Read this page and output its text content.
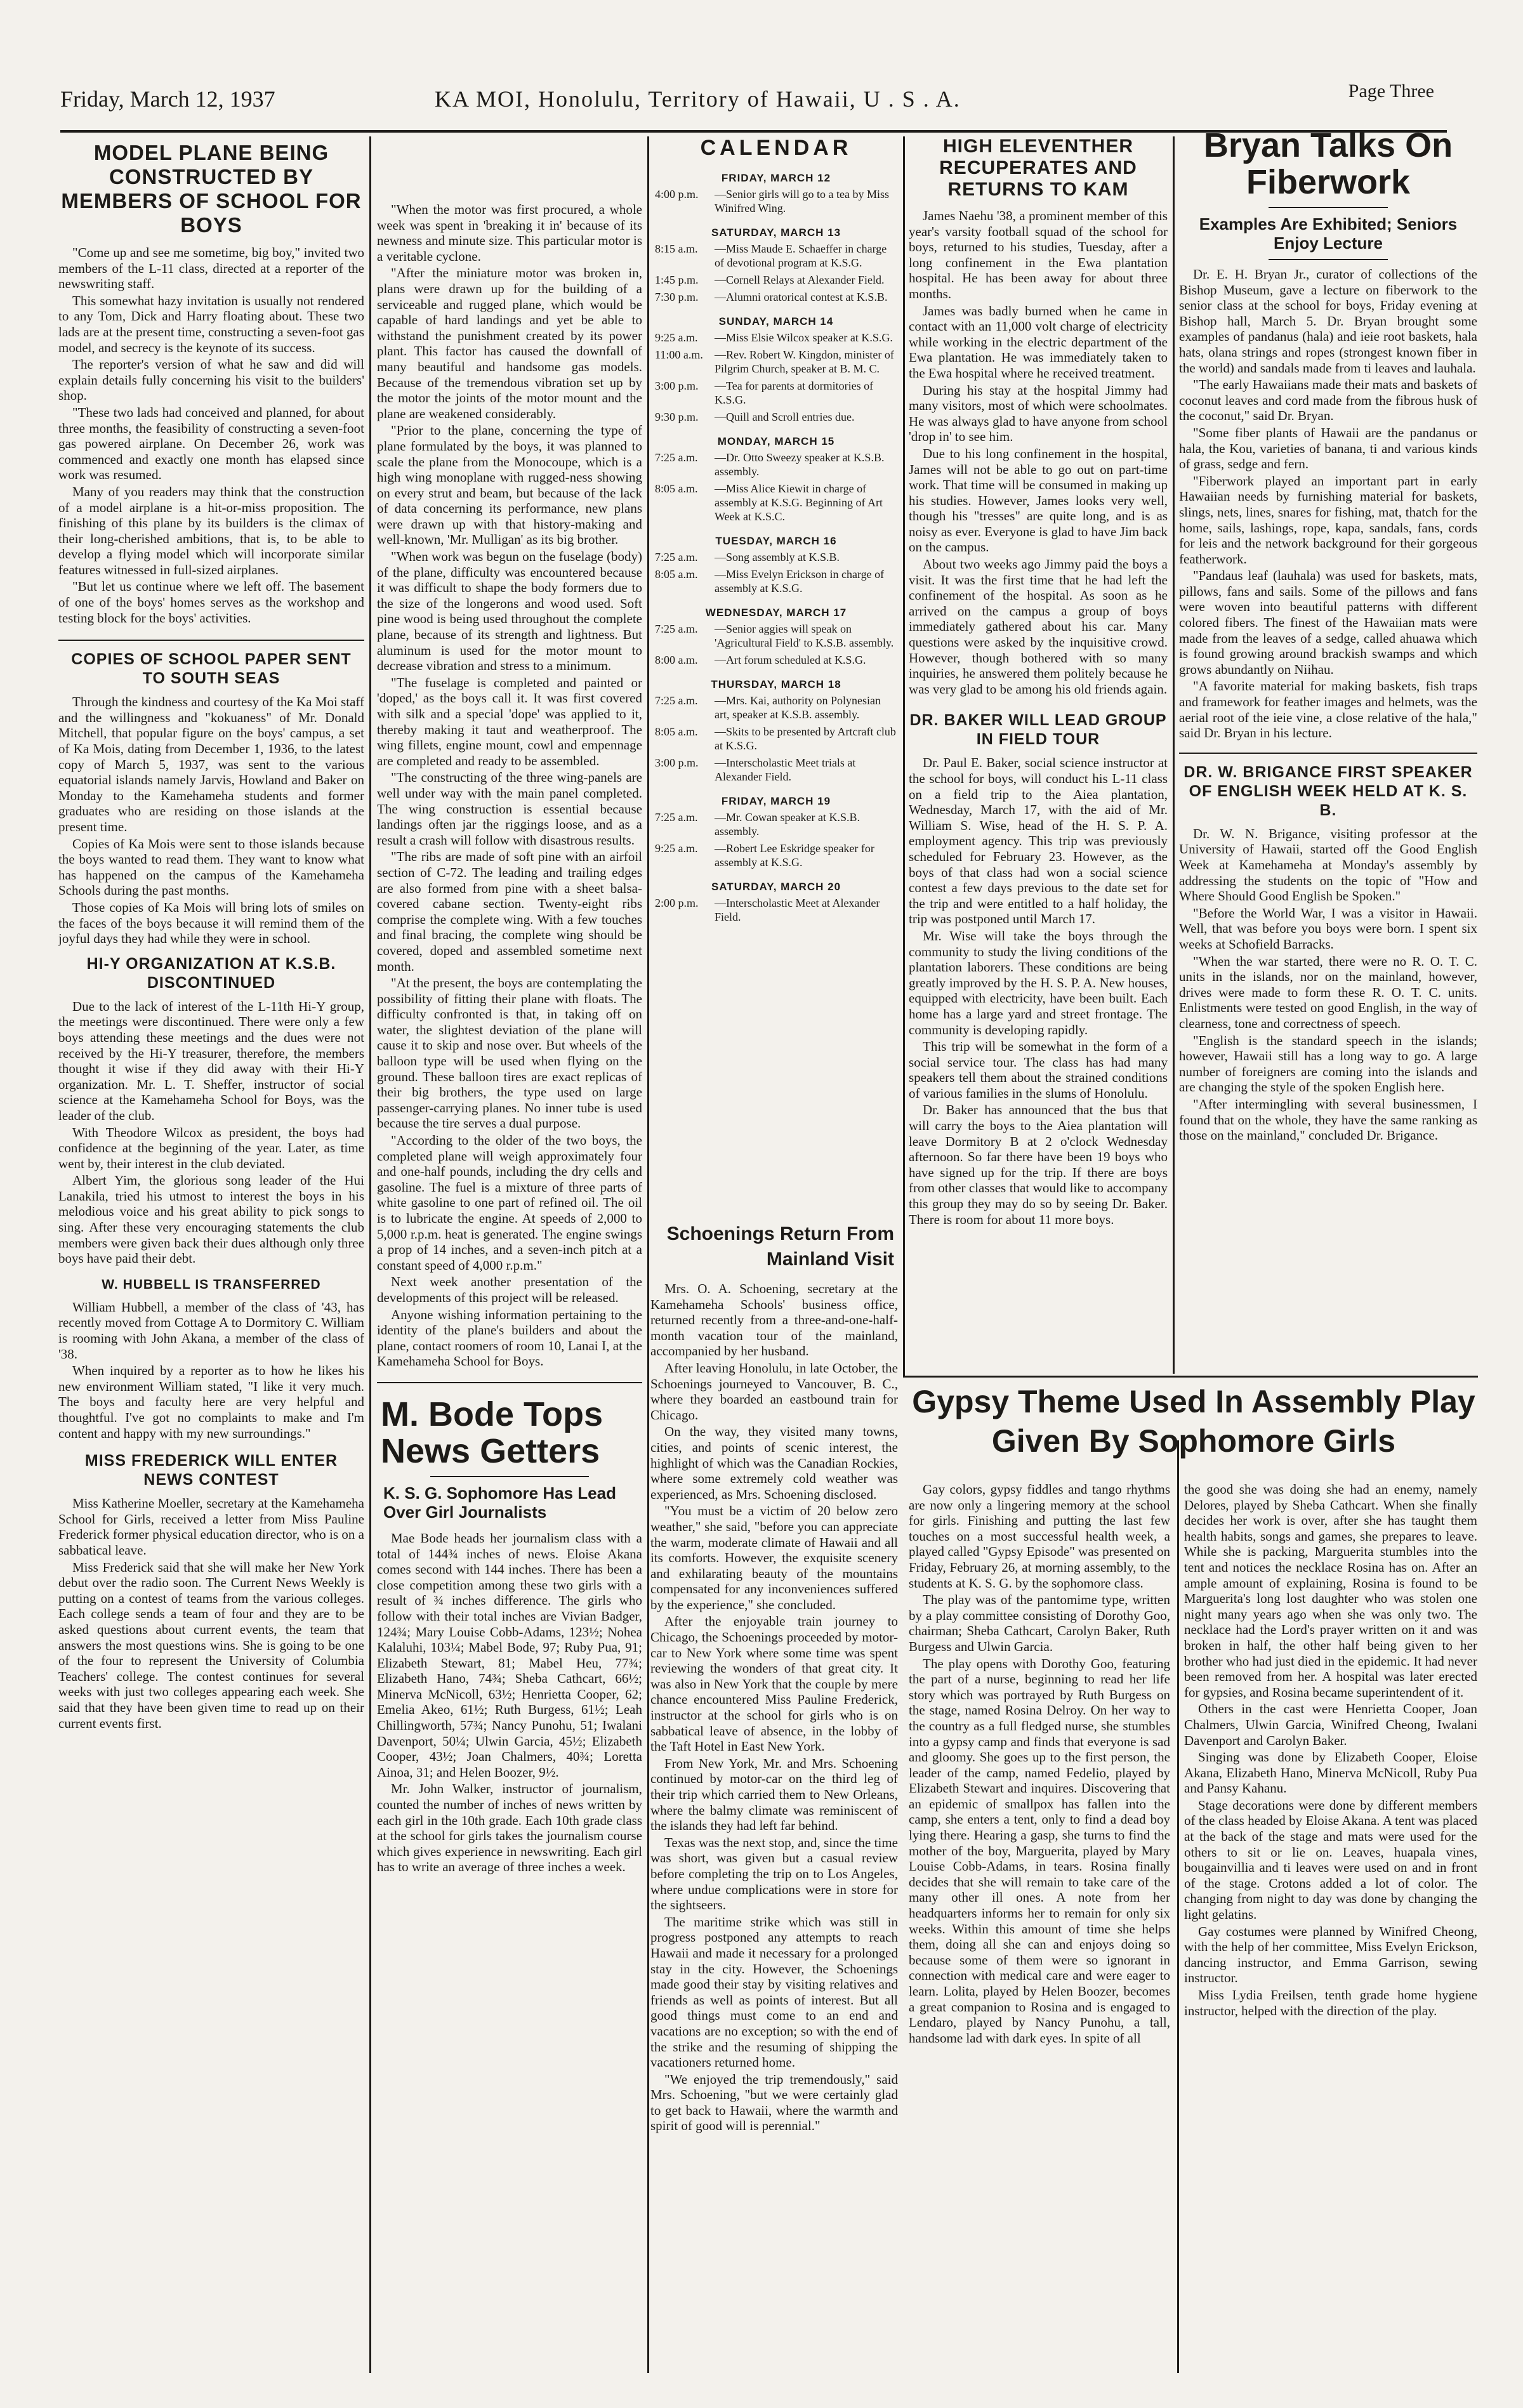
Friday, March 12, 1937	KA MOI, Honolulu, Territory of Hawaii, U . S . A.	Page Three
MODEL PLANE BEING CONSTRUCTED BY MEMBERS OF SCHOOL FOR BOYS

"Come up and see me sometime, big boy," invited two members of the L-11 class, directed at a reporter of the newswriting staff.

This somewhat hazy invitation is usually not rendered to any Tom, Dick and Harry floating about. These two lads are at the present time, constructing a seven-foot gas model, and secrecy is the keynote of its success.

The reporter's version of what he saw and did will explain details fully concerning his visit to the builders' shop.

"These two lads had conceived and planned, for about three months, the feasibility of constructing a seven-foot gas powered airplane. On December 26, work was commenced and exactly one month has elapsed since work was resumed.

Many of you readers may think that the construction of a model airplane is a hit-or-miss proposition. The finishing of this plane by its builders is the climax of their long-cherished ambitions, that is, to be able to develop a flying model which will incorporate similar features witnessed in full-sized airplanes.

"But let us continue where we left off. The basement of one of the boys' homes serves as the workshop and testing block for the boys' activities.

COPIES OF SCHOOL PAPER SENT TO SOUTH SEAS

Through the kindness and courtesy of the Ka Moi staff and the willingness and "kokuaness" of Mr. Donald Mitchell, that popular figure on the boys' campus, a set of Ka Mois, dating from December 1, 1936, to the latest copy of March 5, 1937, was sent to the various equatorial islands namely Jarvis, Howland and Baker on Monday to the Kamehameha students and former graduates who are residing on those islands at the present time.

Copies of Ka Mois were sent to those islands because the boys wanted to read them. They want to know what has happened on the campus of the Kamehameha Schools during the past months.

Those copies of Ka Mois will bring lots of smiles on the faces of the boys because it will remind them of the joyful days they had while they were in school.

HI-Y ORGANIZATION AT K.S.B. DISCONTINUED

Due to the lack of interest of the L-11th Hi-Y group, the meetings were discontinued. There were only a few boys attending these meetings and the dues were not received by the Hi-Y treasurer, therefore, the members thought it wise if they did away with their Hi-Y organization. Mr. L. T. Sheffer, instructor of social science at the Kamehameha School for Boys, was the leader of the club.

With Theodore Wilcox as president, the boys had confidence at the beginning of the year. Later, as time went by, their interest in the club deviated.

Albert Yim, the glorious song leader of the Hui Lanakila, tried his utmost to interest the boys in his melodious voice and his great ability to pick songs to sing. After these very encouraging statements the club members were given back their dues although only three boys have paid their debt.

W. HUBBELL IS TRANSFERRED

William Hubbell, a member of the class of '43, has recently moved from Cottage A to Dormitory C. William is rooming with John Akana, a member of the class of '38.

When inquired by a reporter as to how he likes his new environment William stated, "I like it very much. The boys and faculty here are very helpful and thoughtful. I've got no complaints to make and I'm content and happy with my new surroundings."

MISS FREDERICK WILL ENTER NEWS CONTEST

Miss Katherine Moeller, secretary at the Kamehameha School for Girls, received a letter from Miss Pauline Frederick former physical education director, who is on a sabbatical leave.

Miss Frederick said that she will make her New York debut over the radio soon. The Current News Weekly is putting on a contest of teams from the various colleges. Each college sends a team of four and they are to be asked questions about current events, the team that answers the most questions wins. She is going to be one of the four to represent the University of Columbia Teachers' college. The contest continues for several weeks with just two colleges appearing each week. She said that they have been given time to read up on their current events first.

"When the motor was first procured, a whole week was spent in 'breaking it in' because of its newness and minute size. This particular motor is a veritable cyclone.

"After the miniature motor was broken in, plans were drawn up for the building of a serviceable and rugged plane, which would be capable of hard landings and yet be able to withstand the punishment created by its power plant. This factor has caused the downfall of many beautiful and handsome gas models. Because of the tremendous vibration set up by the motor the joints of the motor mount and the plane are weakened considerably.

"Prior to the plane, concerning the type of plane formulated by the boys, it was planned to scale the plane from the Monocoupe, which is a high wing monoplane with rugged-ness showing on every strut and beam, but because of the lack of data concerning its performance, new plans were drawn up with that history-making and well-known, 'Mr. Mulligan' as its big brother.

"When work was begun on the fuselage (body) of the plane, difficulty was encountered because it was difficult to shape the body formers due to the size of the longerons and wood used. Soft pine wood is being used throughout the complete plane, because of its strength and lightness. But aluminum is used for the motor mount to decrease vibration and stress to a minimum.

"The fuselage is completed and painted or 'doped,' as the boys call it. It was first covered with silk and a special 'dope' was applied to it, thereby making it taut and weatherproof. The wing fillets, engine mount, cowl and empennage are completed and ready to be assembled.

"The constructing of the three wing-panels are well under way with the main panel completed. The wing construction is essential because landings often jar the riggings loose, and as a result a crash will follow with disastrous results.

"The ribs are made of soft pine with an airfoil section of C-72. The leading and trailing edges are also formed from pine with a sheet balsa-covered cabane section. Twenty-eight ribs comprise the complete wing. With a few touches and final bracing, the complete wing should be covered, doped and assembled sometime next month.

"At the present, the boys are contemplating the possibility of fitting their plane with floats. The difficulty confronted is that, in taking off on water, the slightest deviation of the plane will cause it to skip and nose over. But wheels of the balloon type will be used when flying on the ground. These balloon tires are exact replicas of their big brothers, the type used on large passenger-carrying planes. No inner tube is used because the tire serves a dual purpose.

"According to the older of the two boys, the completed plane will weigh approximately four and one-half pounds, including the dry cells and gasoline. The fuel is a mixture of three parts of white gasoline to one part of refined oil. The oil is to lubricate the engine. At speeds of 2,000 to 5,000 r.p.m. heat is generated. The engine swings a prop of 14 inches, and a seven-inch pitch at a constant speed of 4,000 r.p.m."

Next week another presentation of the developments of this project will be released.

Anyone wishing information pertaining to the identity of the plane's builders and about the plane, contact roomers of room 10, Lanai I, at the Kamehameha School for Boys.

M. Bode Tops News Getters

K. S. G. Sophomore Has Lead Over Girl Journalists

Mae Bode heads her journalism class with a total of 144¾ inches of news. Eloise Akana comes second with 144 inches. There has been a close competition among these two girls with a result of ¾ inches difference. The girls who follow with their total inches are Vivian Badger, 124¾; Mary Louise Cobb-Adams, 123½; Nohea Kalaluhi, 103¼; Mabel Bode, 97; Ruby Pua, 91; Elizabeth Stewart, 81; Mabel Heu, 77¾; Elizabeth Hano, 74¾; Sheba Cathcart, 66½; Minerva McNicoll, 63½; Henrietta Cooper, 62; Emelia Akeo, 61½; Ruth Burgess, 61½; Leah Chillingworth, 57¾; Nancy Punohu, 51; Iwalani Davenport, 50¼; Ulwin Garcia, 45½; Elizabeth Cooper, 43½; Joan Chalmers, 40¾; Loretta Ainoa, 31; and Helen Boozer, 9½.

Mr. John Walker, instructor of journalism, counted the number of inches of news written by each girl in the 10th grade. Each 10th grade class at the school for girls takes the journalism course which gives experience in newswriting. Each girl has to write an average of three inches a week.

CALENDAR
FRIDAY, MARCH 12
4:00 p.m.	—Senior girls will go to a tea by Miss Winifred Wing.
SATURDAY, MARCH 13
8:15 a.m.	—Miss Maude E. Schaeffer in charge of devotional program at K.S.G.
1:45 p.m.	—Cornell Relays at Alexander Field.
7:30 p.m.	—Alumni oratorical contest at K.S.B.
SUNDAY, MARCH 14
9:25 a.m.	—Miss Elsie Wilcox speaker at K.S.G.
11:00 a.m.	—Rev. Robert W. Kingdon, minister of Pilgrim Church, speaker at B. M. C.
3:00 p.m.	—Tea for parents at dormitories of K.S.G.
9:30 p.m.	—Quill and Scroll entries due.
MONDAY, MARCH 15
7:25 a.m.	—Dr. Otto Sweezy speaker at K.S.B. assembly.
8:05 a.m.	—Miss Alice Kiewit in charge of assembly at K.S.G. Beginning of Art Week at K.S.C.
TUESDAY, MARCH 16
7:25 a.m.	—Song assembly at K.S.B.
8:05 a.m.	—Miss Evelyn Erickson in charge of assembly at K.S.G.
WEDNESDAY, MARCH 17
7:25 a.m.	—Senior aggies will speak on 'Agricultural Field' to K.S.B. assembly.
8:00 a.m.	—Art forum scheduled at K.S.G.
THURSDAY, MARCH 18
7:25 a.m.	—Mrs. Kai, authority on Polynesian art, speaker at K.S.B. assembly.
8:05 a.m.	—Skits to be presented by Artcraft club at K.S.G.
3:00 p.m.	—Interscholastic Meet trials at Alexander Field.
FRIDAY, MARCH 19
7:25 a.m.	—Mr. Cowan speaker at K.S.B. assembly.
9:25 a.m.	—Robert Lee Eskridge speaker for assembly at K.S.G.
SATURDAY, MARCH 20
2:00 p.m.	—Interscholastic Meet at Alexander Field.
Schoenings Return From Mainland Visit

Mrs. O. A. Schoening, secretary at the Kamehameha Schools' business office, returned recently from a three-and-one-half-month vacation tour of the mainland, accompanied by her husband.

After leaving Honolulu, in late October, the Schoenings journeyed to Vancouver, B. C., where they boarded an eastbound train for Chicago.

On the way, they visited many towns, cities, and points of scenic interest, the highlight of which was the Canadian Rockies, where some extremely cold weather was experienced, as Mrs. Schoening disclosed.

"You must be a victim of 20 below zero weather," she said, "before you can appreciate the warm, moderate climate of Hawaii and all its comforts. However, the exquisite scenery and exhilarating beauty of the mountains compensated for any inconveniences suffered by the experience," she concluded.

After the enjoyable train journey to Chicago, the Schoenings proceeded by motor-car to New York where some time was spent reviewing the wonders of that great city. It was also in New York that the couple by mere chance encountered Miss Pauline Frederick, instructor at the school for girls who is on sabbatical leave of absence, in the lobby of the Taft Hotel in East New York.

From New York, Mr. and Mrs. Schoening continued by motor-car on the third leg of their trip which carried them to New Orleans, where the balmy climate was reminiscent of the islands they had left far behind.

Texas was the next stop, and, since the time was short, was given but a casual review before completing the trip on to Los Angeles, where undue complications were in store for the sightseers.

The maritime strike which was still in progress postponed any attempts to reach Hawaii and made it necessary for a prolonged stay in the city. However, the Schoenings made good their stay by visiting relatives and friends as well as points of interest. But all good things must come to an end and vacations are no exception; so with the end of the strike and the resuming of shipping the vacationers returned home.

"We enjoyed the trip tremendously," said Mrs. Schoening, "but we were certainly glad to get back to Hawaii, where the warmth and spirit of good will is perennial."

HIGH ELEVENTHER RECUPERATES AND RETURNS TO KAM

James Naehu '38, a prominent member of this year's varsity football squad of the school for boys, returned to his studies, Tuesday, after a long confinement in the Ewa plantation hospital. He has been away for about three months.

James was badly burned when he came in contact with an 11,000 volt charge of electricity while working in the electric department of the Ewa plantation. He was immediately taken to the Ewa hospital where he received treatment.

During his stay at the hospital Jimmy had many visitors, most of which were schoolmates. He was always glad to have anyone from school 'drop in' to see him.

Due to his long confinement in the hospital, James will not be able to go out on part-time work. That time will be consumed in making up his studies. However, James looks very well, though his "tresses" are quite long, and is as noisy as ever. Everyone is glad to have Jim back on the campus.

About two weeks ago Jimmy paid the boys a visit. It was the first time that he had left the confinement of the hospital. As soon as he arrived on the campus a group of boys immediately gathered about his car. Many questions were asked by the inquisitive crowd. However, though bothered with so many inquiries, he answered them politely because he was very glad to be among his old friends again.

DR. BAKER WILL LEAD GROUP IN FIELD TOUR

Dr. Paul E. Baker, social science instructor at the school for boys, will conduct his L-11 class on a field trip to the Aiea plantation, Wednesday, March 17, with the aid of Mr. William S. Wise, head of the H. S. P. A. employment agency. This trip was previously scheduled for February 23. However, as the boys of that class had won a social science contest a few days previous to the date set for the trip and were entitled to a half holiday, the trip was postponed until March 17.

Mr. Wise will take the boys through the community to study the living conditions of the plantation laborers. These conditions are being greatly improved by the H. S. P. A. New houses, equipped with electricity, have been built. Each home has a large yard and street frontage. The community is developing rapidly.

This trip will be somewhat in the form of a social service tour. The class has had many speakers tell them about the strained conditions of various families in the slums of Honolulu.

Dr. Baker has announced that the bus that will carry the boys to the Aiea plantation will leave Dormitory B at 2 o'clock Wednesday afternoon. So far there have been 19 boys who have signed up for the trip. If there are boys from other classes that would like to accompany this group they may do so by seeing Dr. Baker. There is room for about 11 more boys.

Bryan Talks On Fiberwork

Examples Are Exhibited; Seniors Enjoy Lecture

Dr. E. H. Bryan Jr., curator of collections of the Bishop Museum, gave a lecture on fiberwork to the senior class at the school for boys, Friday evening at Bishop hall, March 5. Dr. Bryan brought some examples of pandanus (hala) and ieie root baskets, hala hats, olana strings and ropes (strongest known fiber in the world) and sandals made from ti leaves and lauhala.

"The early Hawaiians made their mats and baskets of coconut leaves and cord made from the fibrous husk of the coconut," said Dr. Bryan.

"Some fiber plants of Hawaii are the pandanus or hala, the Kou, varieties of banana, ti and various kinds of grass, sedge and fern.

"Fiberwork played an important part in early Hawaiian needs by furnishing material for baskets, slings, nets, lines, snares for fishing, mat, thatch for the home, sails, lashings, rope, kapa, sandals, fans, cords for leis and the network background for their gorgeous featherwork.

"Pandaus leaf (lauhala) was used for baskets, mats, pillows, fans and sails. Some of the pillows and fans were woven into beautiful patterns with different colored fibers. The finest of the Hawaiian mats were made from the leaves of a sedge, called ahuawa which is found growing around brackish swamps and which grows abundantly on Niihau.

"A favorite material for making baskets, fish traps and framework for feather images and helmets, was the aerial root of the ieie vine, a close relative of the hala," said Dr. Bryan in his lecture.

DR. W. BRIGANCE FIRST SPEAKER OF ENGLISH WEEK HELD AT K. S. B.

Dr. W. N. Brigance, visiting professor at the University of Hawaii, started off the Good English Week at Kamehameha at Monday's assembly by addressing the students on the topic of "How and Where Should Good English be Spoken."

"Before the World War, I was a visitor in Hawaii. Well, that was before you boys were born. I spent six weeks at Schofield Barracks.

"When the war started, there were no R. O. T. C. units in the islands, nor on the mainland, however, drives were made to form these R. O. T. C. units. Enlistments were tested on good English, in the way of clearness, tone and correctness of speech.

"English is the standard speech in the islands; however, Hawaii still has a long way to go. A large number of foreigners are coming into the islands and are changing the style of the spoken English here.

"After intermingling with several businessmen, I found that on the whole, they have the same ranking as those on the mainland," concluded Dr. Brigance.

Gypsy Theme Used In Assembly Play Given By Sophomore Girls

Gay colors, gypsy fiddles and tango rhythms are now only a lingering memory at the school for girls. Finishing and putting the last few touches on a most successful health week, a played called "Gypsy Episode" was presented on Friday, February 26, at morning assembly, to the students at K. S. G. by the sophomore class.

The play was of the pantomime type, written by a play committee consisting of Dorothy Goo, chairman; Sheba Cathcart, Carolyn Baker, Ruth Burgess and Ulwin Garcia.

The play opens with Dorothy Goo, featuring the part of a nurse, beginning to read her life story which was portrayed by Ruth Burgess on the stage, named Rosina Delroy. On her way to the country as a full fledged nurse, she stumbles into a gypsy camp and finds that everyone is sad and gloomy. She goes up to the first person, the leader of the camp, named Fedelio, played by Elizabeth Stewart and inquires. Discovering that an epidemic of smallpox has fallen into the camp, she enters a tent, only to find a dead boy lying there. Hearing a gasp, she turns to find the mother of the boy, Marguerita, played by Mary Louise Cobb-Adams, in tears. Rosina finally decides that she will remain to take care of the many other ill ones. A note from her headquarters informs her to remain for only six weeks. Within this amount of time she helps them, doing all she can and enjoys doing so because some of them were so ignorant in connection with medical care and were eager to learn. Lolita, played by Helen Boozer, becomes a great companion to Rosina and is engaged to Lendaro, played by Nancy Punohu, a tall, handsome lad with dark eyes. In spite of all

the good she was doing she had an enemy, namely Delores, played by Sheba Cathcart. When she finally decides her work is over, after she has taught them health habits, songs and games, she prepares to leave. While she is packing, Marguerita stumbles into the tent and notices the necklace Rosina has on. After an ample amount of explaining, Rosina is found to be Marguerita's long lost daughter who was stolen one night many years ago when she was only two. The necklace had the Lord's prayer written on it and was broken in half, the other half being given to her brother who had just died in the epidemic. It had never been removed from her. A hospital was later erected for gypsies, and Rosina became superintendent of it.

Others in the cast were Henrietta Cooper, Joan Chalmers, Ulwin Garcia, Winifred Cheong, Iwalani Davenport and Carolyn Baker.

Singing was done by Elizabeth Cooper, Eloise Akana, Elizabeth Hano, Minerva McNicoll, Ruby Pua and Pansy Kahanu.

Stage decorations were done by different members of the class headed by Eloise Akana. A tent was placed at the back of the stage and mats were used for the others to sit or lie on. Leaves, huapala vines, bougainvillia and ti leaves were used on and in front of the stage. Crotons added a lot of color. The changing from night to day was done by changing the light gelatins.

Gay costumes were planned by Winifred Cheong, with the help of her committee, Miss Evelyn Erickson, dancing instructor, and Emma Garrison, sewing instructor.

Miss Lydia Freilsen, tenth grade home hygiene instructor, helped with the direction of the play.
